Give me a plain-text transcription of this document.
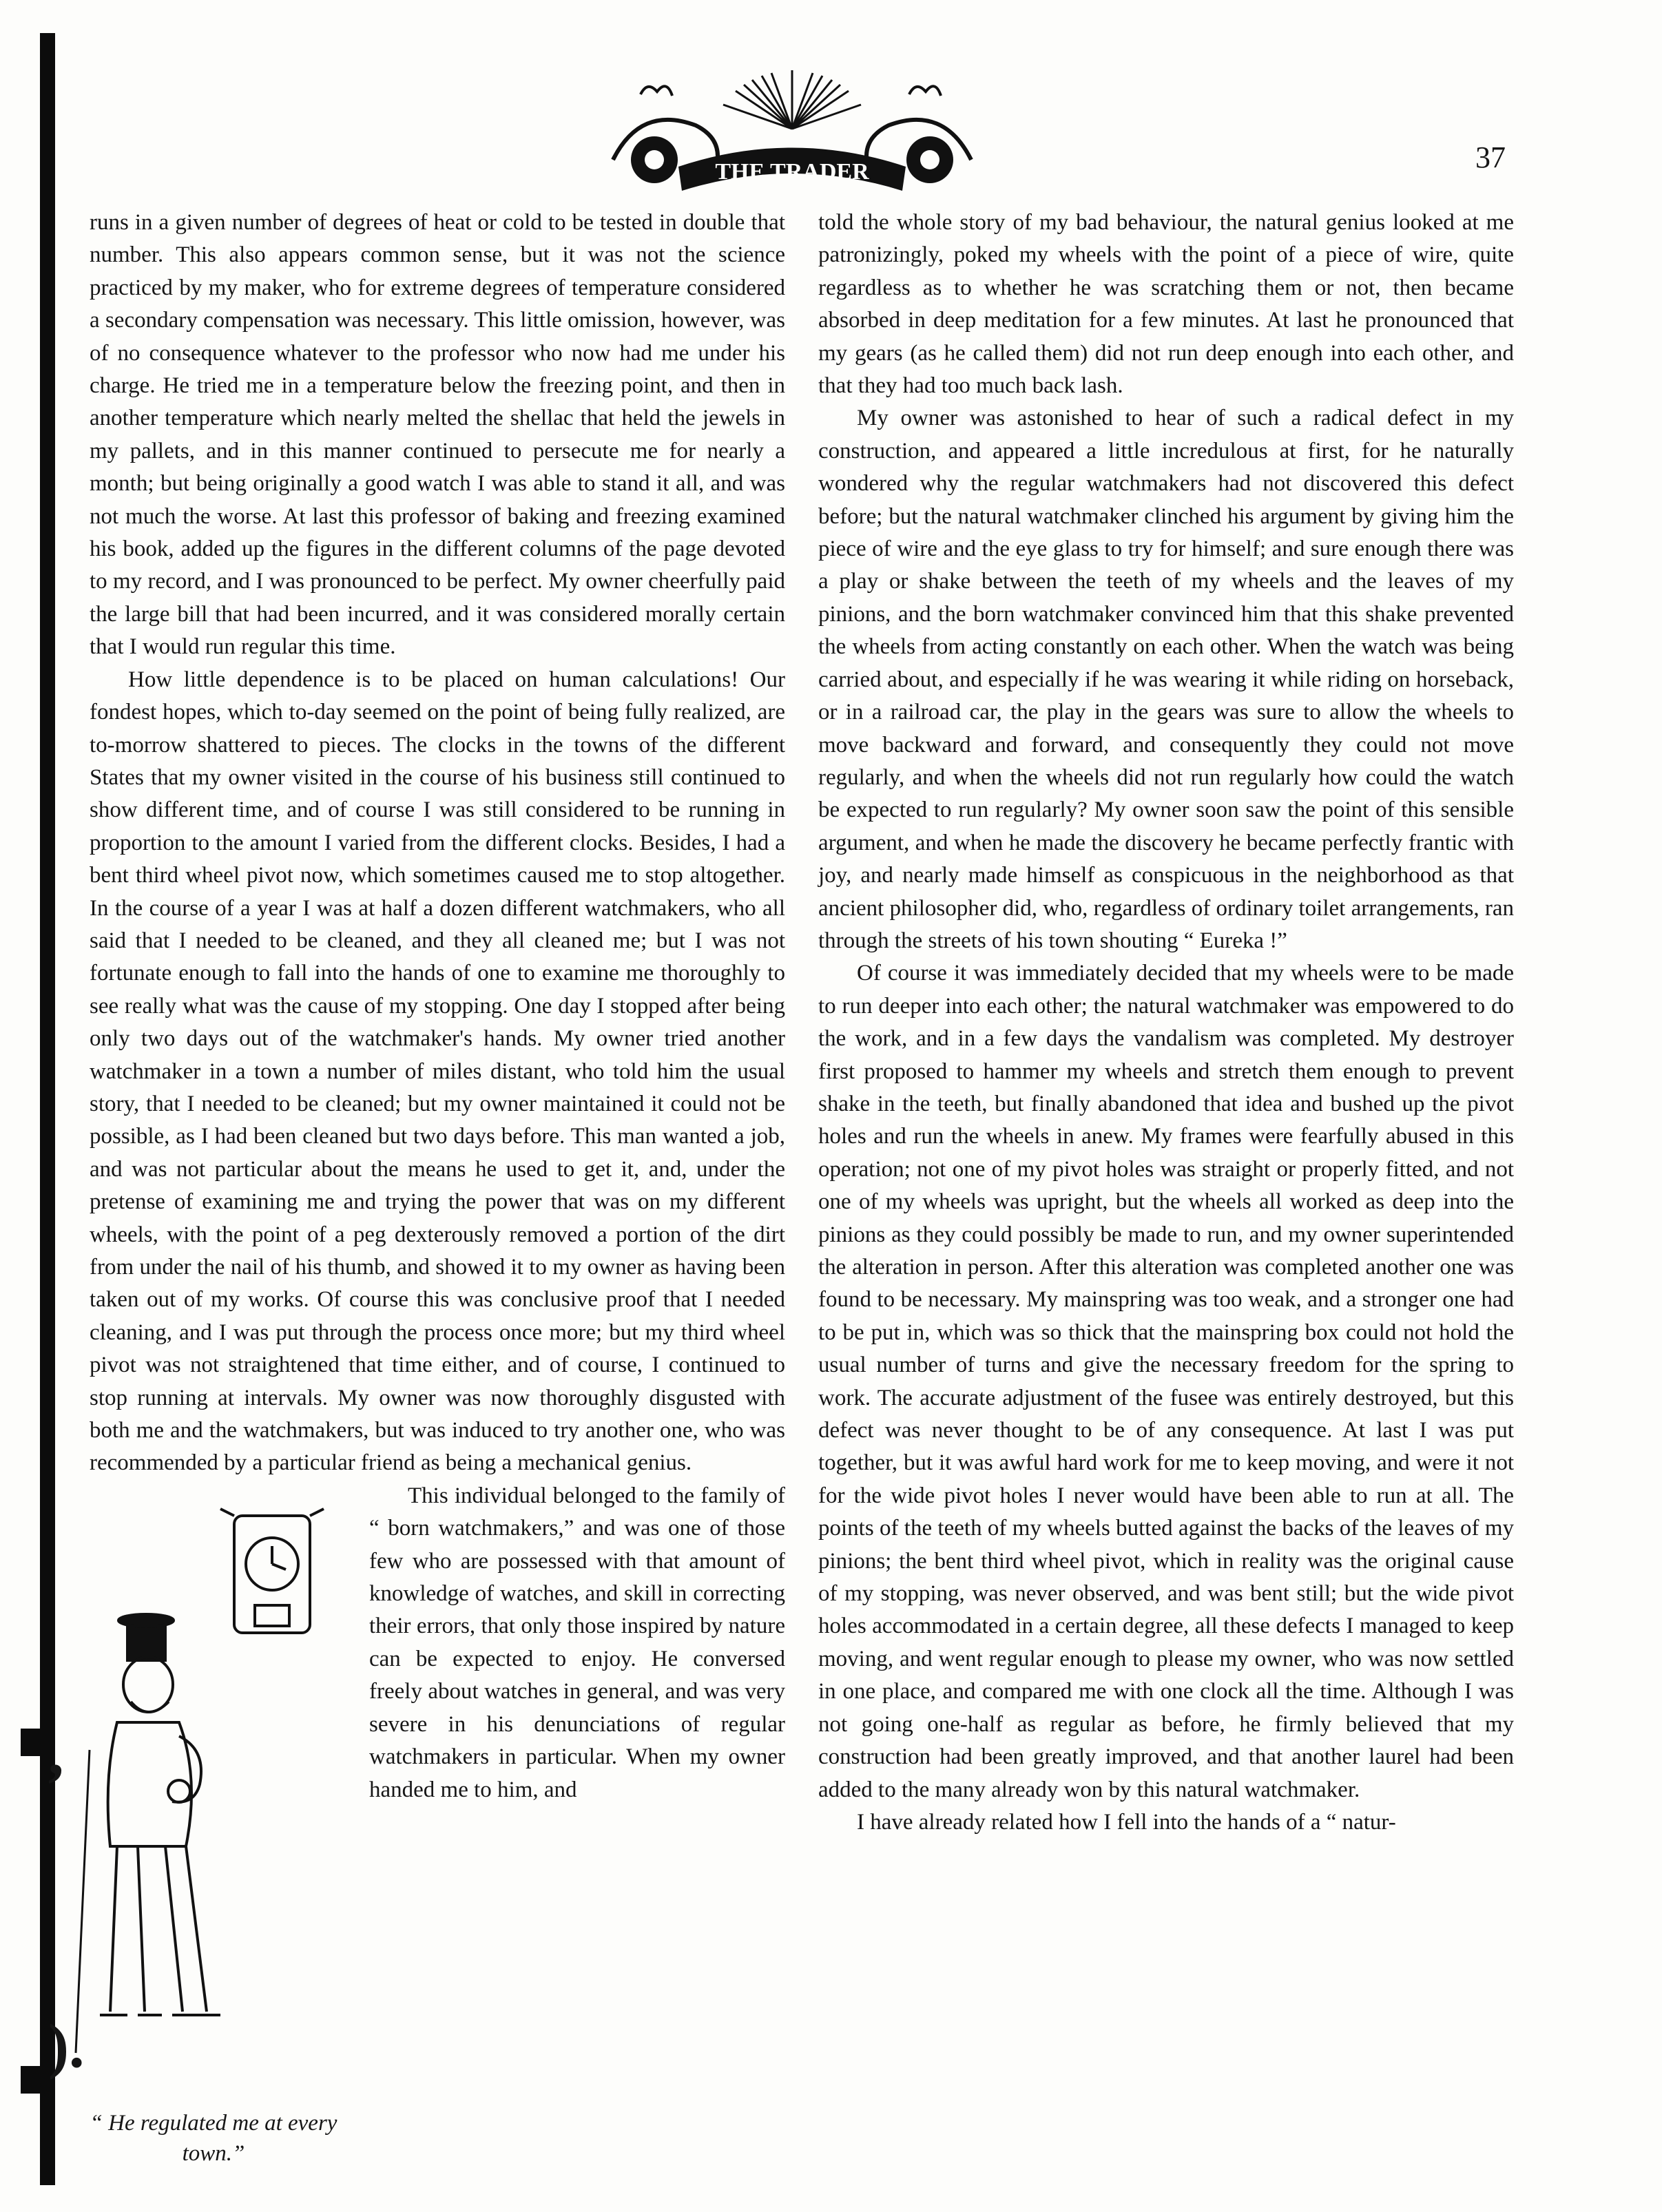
,
).
THE TRADER	37

runs in a given number of degrees of heat or cold to be tested in double that number. This also appears common sense, but it was not the science practiced by my maker, who for extreme degrees of temperature considered a secondary compensation was necessary. This little omission, however, was of no consequence whatever to the professor who now had me under his charge. He tried me in a temperature below the freezing point, and then in another temperature which nearly melted the shellac that held the jewels in my pallets, and in this manner continued to persecute me for nearly a month; but being originally a good watch I was able to stand it all, and was not much the worse. At last this professor of baking and freezing examined his book, added up the figures in the different columns of the page devoted to my record, and I was pronounced to be perfect. My owner cheerfully paid the large bill that had been incurred, and it was considered morally certain that I would run regular this time.

How little dependence is to be placed on human calculations! Our fondest hopes, which to-day seemed on the point of being fully realized, are to-morrow shattered to pieces. The clocks in the towns of the different States that my owner visited in the course of his business still continued to show different time, and of course I was still considered to be running in proportion to the amount I varied from the different clocks. Besides, I had a bent third wheel pivot now, which sometimes caused me to stop altogether. In the course of a year I was at half a dozen different watchmakers, who all said that I needed to be cleaned, and they all cleaned me; but I was not fortunate enough to fall into the hands of one to examine me thoroughly to see really what was the cause of my stopping. One day I stopped after being only two days out of the watchmaker's hands. My owner tried another watchmaker in a town a number of miles distant, who told him the usual story, that I needed to be cleaned; but my owner maintained it could not be possible, as I had been cleaned but two days before. This man wanted a job, and was not particular about the means he used to get it, and, under the pretense of examining me and trying the power that was on my different wheels, with the point of a peg dexterously removed a portion of the dirt from under the nail of his thumb, and showed it to my owner as having been taken out of my works. Of course this was conclusive proof that I needed cleaning, and I was put through the process once more; but my third wheel pivot was not straightened that time either, and of course, I continued to stop running at intervals. My owner was now thoroughly disgusted with both me and the watchmakers, but was induced to try another one, who was recommended by a particular friend as being a mechanical genius.

“ He regulated me at every town.”

This individual belonged to the family of “ born watchmakers,” and was one of those few who are possessed with that amount of knowledge of watches, and skill in correcting their errors, that only those inspired by nature can be expected to enjoy. He conversed freely about watches in general, and was very severe in his denunciations of regular watchmakers in particular. When my owner handed me to him, and

told the whole story of my bad behaviour, the natural genius looked at me patronizingly, poked my wheels with the point of a piece of wire, quite regardless as to whether he was scratching them or not, then became absorbed in deep meditation for a few minutes. At last he pronounced that my gears (as he called them) did not run deep enough into each other, and that they had too much back lash.

My owner was astonished to hear of such a radical defect in my construction, and appeared a little incredulous at first, for he naturally wondered why the regular watchmakers had not discovered this defect before; but the natural watchmaker clinched his argument by giving him the piece of wire and the eye glass to try for himself; and sure enough there was a play or shake between the teeth of my wheels and the leaves of my pinions, and the born watchmaker convinced him that this shake prevented the wheels from acting constantly on each other. When the watch was being carried about, and especially if he was wearing it while riding on horseback, or in a railroad car, the play in the gears was sure to allow the wheels to move backward and forward, and consequently they could not move regularly, and when the wheels did not run regularly how could the watch be expected to run regularly? My owner soon saw the point of this sensible argument, and when he made the discovery he became perfectly frantic with joy, and nearly made himself as conspicuous in the neighborhood as that ancient philosopher did, who, regardless of ordinary toilet arrangements, ran through the streets of his town shouting “ Eureka !”

Of course it was immediately decided that my wheels were to be made to run deeper into each other; the natural watchmaker was empowered to do the work, and in a few days the vandalism was completed. My destroyer first proposed to hammer my wheels and stretch them enough to prevent shake in the teeth, but finally abandoned that idea and bushed up the pivot holes and run the wheels in anew. My frames were fearfully abused in this operation; not one of my pivot holes was straight or properly fitted, and not one of my wheels was upright, but the wheels all worked as deep into the pinions as they could possibly be made to run, and my owner superintended the alteration in person. After this alteration was completed another one was found to be necessary. My mainspring was too weak, and a stronger one had to be put in, which was so thick that the mainspring box could not hold the usual number of turns and give the necessary freedom for the spring to work. The accurate adjustment of the fusee was entirely destroyed, but this defect was never thought to be of any consequence. At last I was put together, but it was awful hard work for me to keep moving, and were it not for the wide pivot holes I never would have been able to run at all. The points of the teeth of my wheels butted against the backs of the leaves of my pinions; the bent third wheel pivot, which in reality was the original cause of my stopping, was never observed, and was bent still; but the wide pivot holes accommodated in a certain degree, all these defects I managed to keep moving, and went regular enough to please my owner, who was now settled in one place, and compared me with one clock all the time. Although I was not going one-half as regular as before, he firmly believed that my construction had been greatly improved, and that another laurel had been added to the many already won by this natural watchmaker.

I have already related how I fell into the hands of a “ natur-
